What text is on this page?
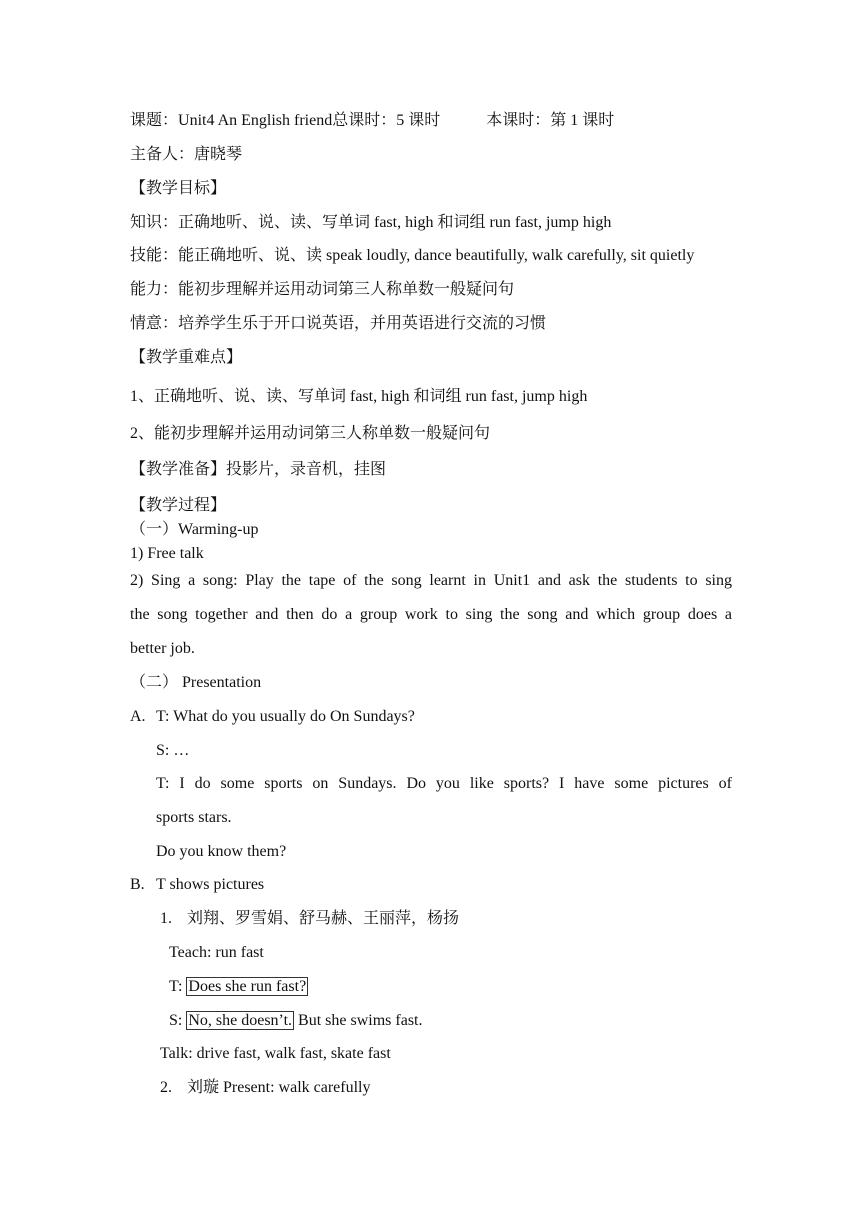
课题：Unit4 An English friend总课时：5 课时	本课时：第 1 课时
主备人：唐晓琴
【教学目标】
知识：正确地听、说、读、写单词 fast, high 和词组 run fast, jump high
技能：能正确地听、说、读 speak loudly, dance beautifully, walk carefully, sit quietly
能力：能初步理解并运用动词第三人称单数一般疑问句
情意：培养学生乐于开口说英语，并用英语进行交流的习惯
【教学重难点】
1、正确地听、说、读、写单词 fast, high 和词组 run fast, jump high
2、能初步理解并运用动词第三人称单数一般疑问句
【教学准备】投影片，录音机，挂图
【教学过程】
（一）Warming-up
1) Free talk
2) Sing a song: Play the tape of the song learnt in Unit1 and ask the students to sing
the song together and then do a group work to sing the song and which group does a
better job.
（二） Presentation
A. T: What do you usually do On Sundays?
S: …
T: I do some sports on Sundays. Do you like sports? I have some pictures of
sports stars.
Do you know them?
B. T shows pictures
1. 刘翔、罗雪娟、舒马赫、王丽萍，杨扬
Teach: run fast
T: Does she run fast?
S: No, she doesn’t. But she swims fast.
Talk: drive fast, walk fast, skate fast
2. 刘璇 Present: walk carefully
